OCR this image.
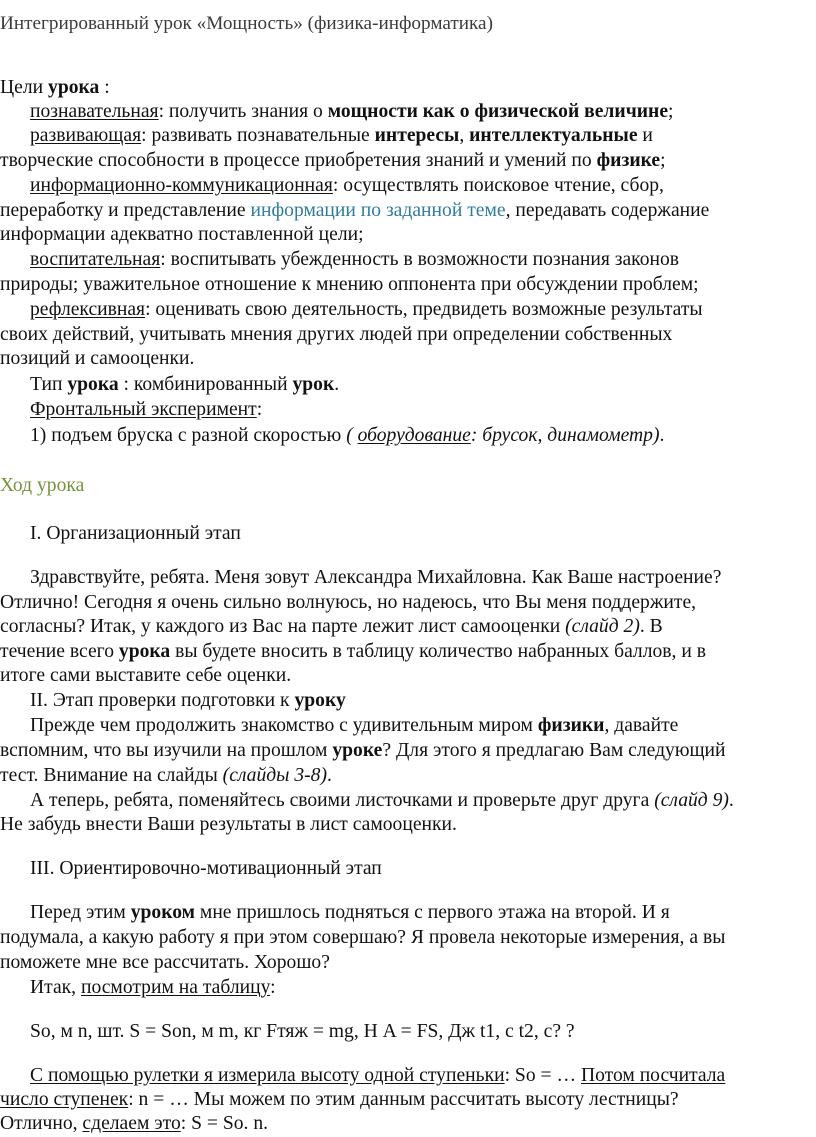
Интегрированный урок «Мощность» (физика-информатика)
Цели урока :
познавательная: получить знания о мощности как о физической величине;
развивающая: развивать познавательные интересы, интеллектуальные и
творческие способности в процессе приобретения знаний и умений по физике;
информационно-коммуникационная: осуществлять поисковое чтение, сбор,
переработку и представление информации по заданной теме, передавать содержание
информации адекватно поставленной цели;
воспитательная: воспитывать убежденность в возможности познания законов
природы; уважительное отношение к мнению оппонента при обсуждении проблем;
рефлексивная: оценивать свою деятельность, предвидеть возможные результаты
своих действий, учитывать мнения других людей при определении собственных
позиций и самооценки.
Тип урока : комбинированный урок.
Фронтальный эксперимент:
1) подъем бруска с разной скоростью ( оборудование: брусок, динамометр).
Ход урока
I. Организационный этап
Здравствуйте, ребята. Меня зовут Александра Михайловна. Как Ваше настроение?
Отлично! Сегодня я очень сильно волнуюсь, но надеюсь, что Вы меня поддержите,
согласны? Итак, у каждого из Вас на парте лежит лист самооценки (слайд 2). В
течение всего урока вы будете вносить в таблицу количество набранных баллов, и в
итоге сами выставите себе оценки.
II. Этап проверки подготовки к уроку
Прежде чем продолжить знакомство с удивительным миром физики, давайте
вспомним, что вы изучили на прошлом уроке? Для этого я предлагаю Вам следующий
тест. Внимание на слайды (слайды 3-8).
А теперь, ребята, поменяйтесь своими листочками и проверьте друг друга (слайд 9).
Не забудь внести Ваши результаты в лист самооценки.
III. Ориентировочно-мотивационный этап
Перед этим уроком мне пришлось подняться с первого этажа на второй. И я
подумала, а какую работу я при этом совершаю? Я провела некоторые измерения, а вы
поможете мне все рассчитать. Хорошо?
Итак, посмотрим на таблицу:
So, м n, шт. S = Son, м m, кг Fтяж = mg, Н A = FS, Дж t1, с t2, с? ?
С помощью рулетки я измерила высоту одной ступеньки: So = … Потом посчитала
число ступенек: n = … Мы можем по этим данным рассчитать высоту лестницы?
Отлично, сделаем это: S = So. n.
